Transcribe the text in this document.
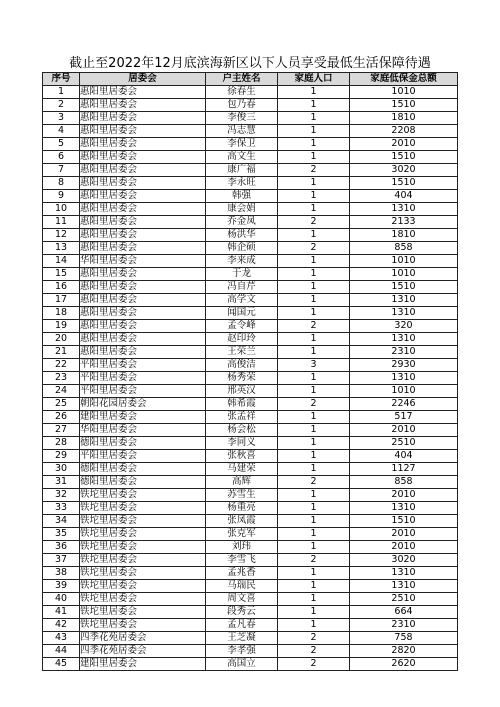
截止至2022年12月底滨海新区以下人员享受最低生活保障待遇
序号	居委会	户主姓名	家庭人口	家庭低保金总额
1	惠阳里居委会	徐春生	1	1010
2	惠阳里居委会	包乃春	1	1510
3	惠阳里居委会	李俊三	1	1810
4	惠阳里居委会	冯志慧	1	2208
5	惠阳里居委会	李保卫	1	2010
6	惠阳里居委会	高文生	1	1510
7	惠阳里居委会	康广福	2	3020
8	惠阳里居委会	李永旺	1	1510
9	惠阳里居委会	韩强	1	404
10	惠阳里居委会	康会娟	1	1310
11	惠阳里居委会	乔金凤	2	2133
12	惠阳里居委会	杨洪华	1	1810
13	惠阳里居委会	韩企硕	2	858
14	华阳里居委会	李来成	1	1010
15	惠阳里居委会	于龙	1	1010
16	惠阳里居委会	冯自芹	1	1510
17	惠阳里居委会	高学文	1	1310
18	惠阳里居委会	闻国元	1	1310
19	惠阳里居委会	孟令峰	2	320
20	惠阳里居委会	赵印玲	1	1310
21	惠阳里居委会	王荣兰	1	2310
22	平阳里居委会	高俊洁	3	2930
23	平阳里居委会	杨秀荣	1	1310
24	平阳里居委会	邢英汉	1	1010
25	朝阳花园居委会	韩希霞	2	2246
26	建阳里居委会	张孟祥	1	517
27	华阳里居委会	杨会松	1	2010
28	德阳里居委会	李同义	1	2510
29	平阳里居委会	张秋喜	1	404
30	德阳里居委会	马建荣	1	1127
31	德阳里居委会	高辉	2	858
32	铁坨里居委会	苏雪生	1	2010
33	铁坨里居委会	杨重亮	1	1310
34	铁坨里居委会	张凤霞	1	1510
35	铁坨里居委会	张克军	1	2010
36	铁坨里居委会	刘玮	1	2010
37	铁坨里居委会	李雪飞	2	3020
38	铁坨里居委会	孟兆香	1	1310
39	铁坨里居委会	马瑞民	1	1310
40	铁坨里居委会	周文喜	1	2510
41	铁坨里居委会	段秀云	1	664
42	铁坨里居委会	孟凡春	1	2310
43	四季花苑居委会	王芝凝	2	758
44	四季花苑居委会	李孝强	2	2820
45	建阳里居委会	高国立	2	2620
